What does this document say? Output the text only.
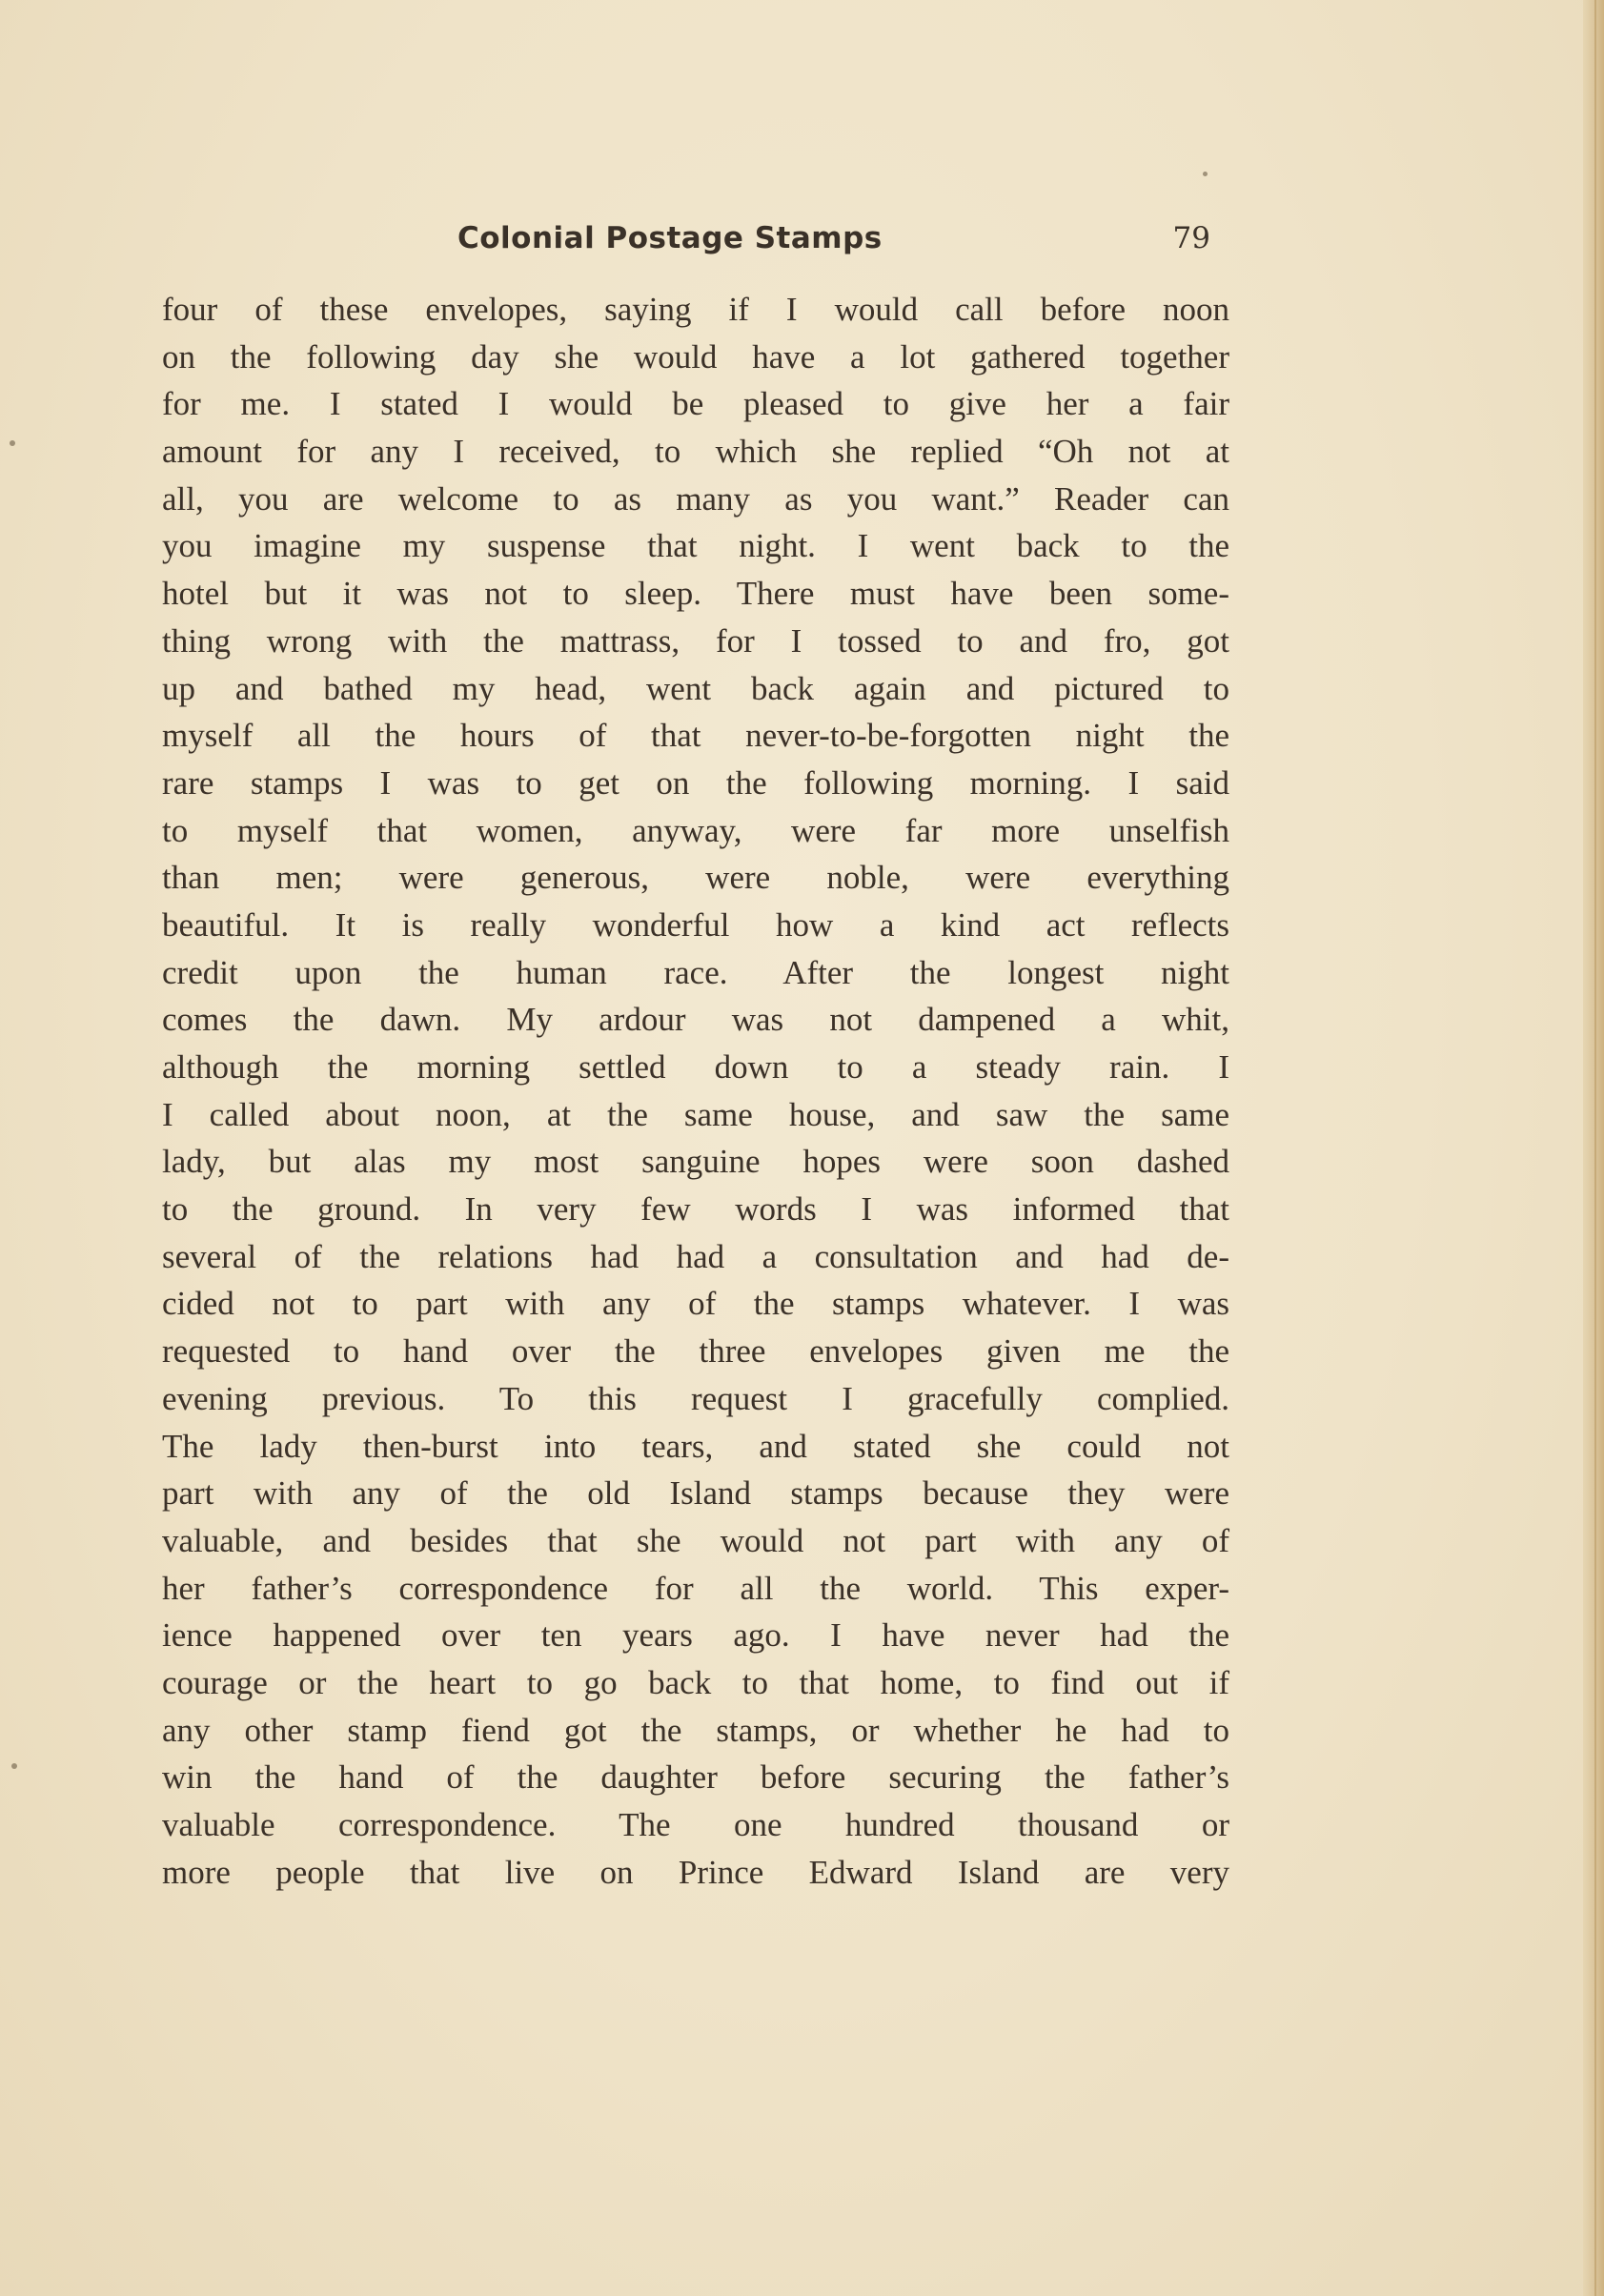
Colonial Postage Stamps	79
four of these envelopes, saying if I would call before noon
on the following day she would have a lot gathered together
for me. I stated I would be pleased to give her a fair
amount for any I received, to which she replied “Oh not at
all, you are welcome to as many as you want.” Reader can
you imagine my suspense that night. I went back to the
hotel but it was not to sleep. There must have been some-
thing wrong with the mattrass, for I tossed to and fro, got
up and bathed my head, went back again and pictured to
myself all the hours of that never-to-be-forgotten night the
rare stamps I was to get on the following morning. I said
to myself that women, anyway, were far more unselfish
than men; were generous, were noble, were everything
beautiful. It is really wonderful how a kind act reflects
credit upon the human race. After the longest night
comes the dawn. My ardour was not dampened a whit,
although the morning settled down to a steady rain. I
I called about noon, at the same house, and saw the same
lady, but alas my most sanguine hopes were soon dashed
to the ground. In very few words I was informed that
several of the relations had had a consultation and had de-
cided not to part with any of the stamps whatever. I was
requested to hand over the three envelopes given me the
evening previous. To this request I gracefully complied.
The lady then-burst into tears, and stated she could not
part with any of the old Island stamps because they were
valuable, and besides that she would not part with any of
her father’s correspondence for all the world. This exper-
ience happened over ten years ago. I have never had the
courage or the heart to go back to that home, to find out if
any other stamp fiend got the stamps, or whether he had to
win the hand of the daughter before securing the father’s
valuable correspondence. The one hundred thousand or
more people that live on Prince Edward Island are very
